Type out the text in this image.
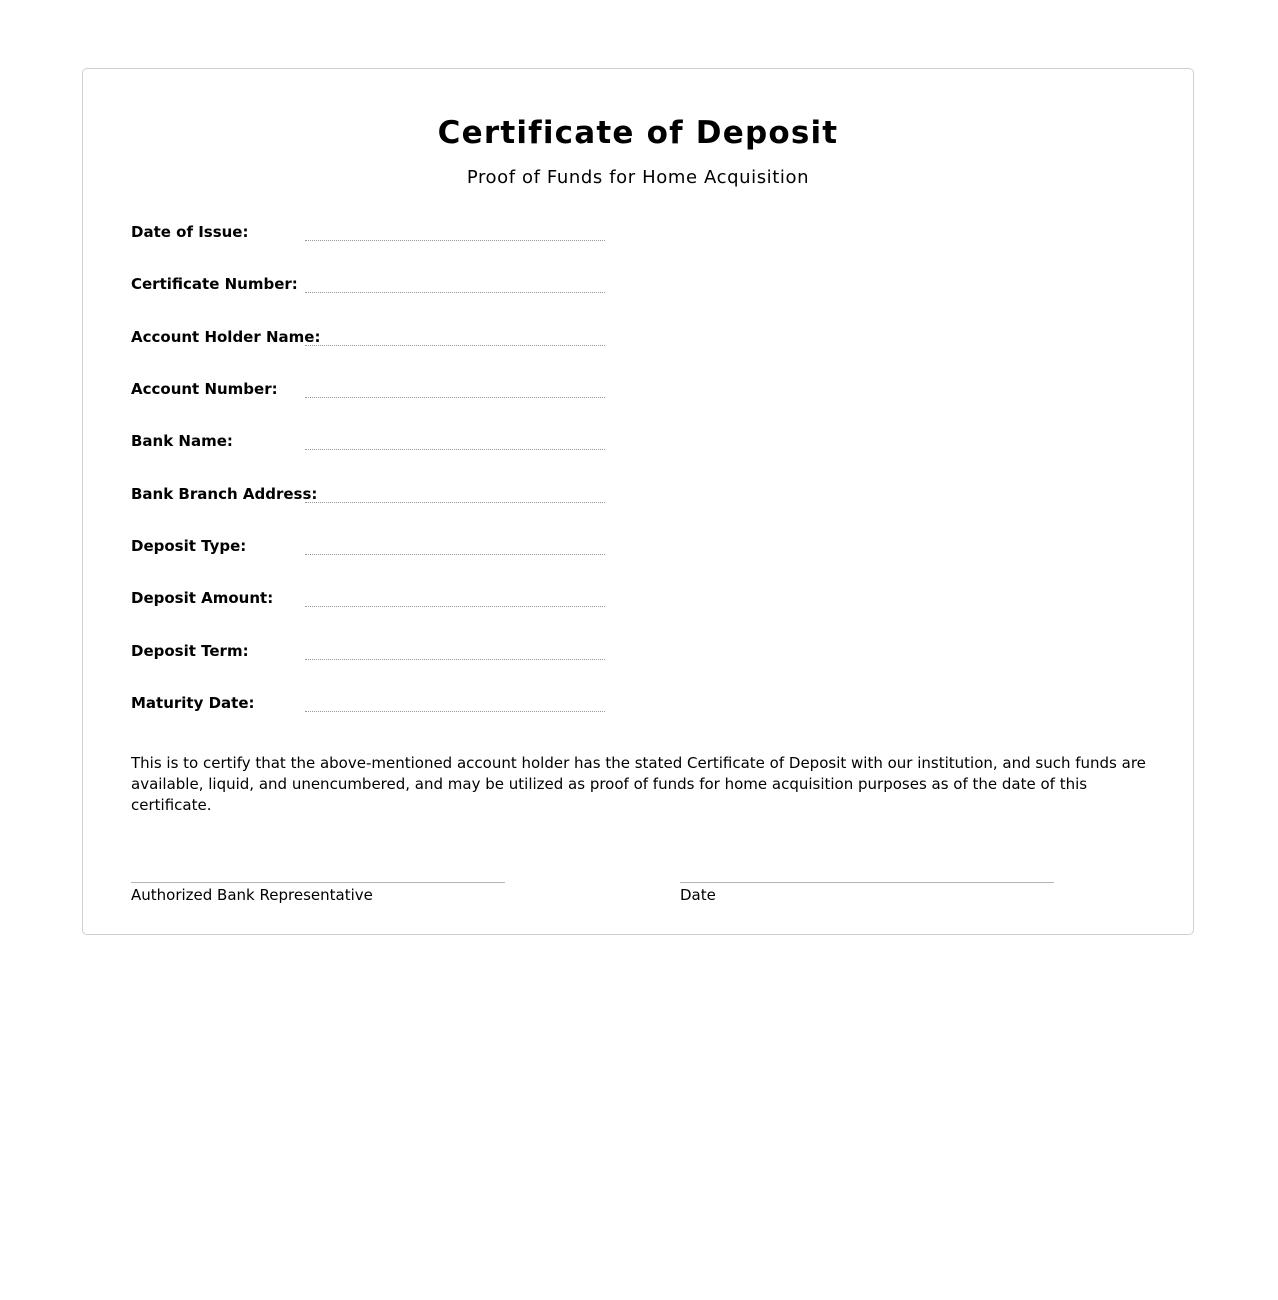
Certificate of Deposit

Proof of Funds for Home Acquisition

Date of Issue:
Certificate Number:
Account Holder Name:
Account Number:
Bank Name:
Bank Branch Address:
Deposit Type:
Deposit Amount:
Deposit Term:
Maturity Date:

This is to certify that the above-mentioned account holder has the stated Certificate of Deposit with our institution, and such funds are available, liquid, and unencumbered, and may be utilized as proof of funds for home acquisition purposes as of the date of this certificate.

Authorized Bank Representative	Date
